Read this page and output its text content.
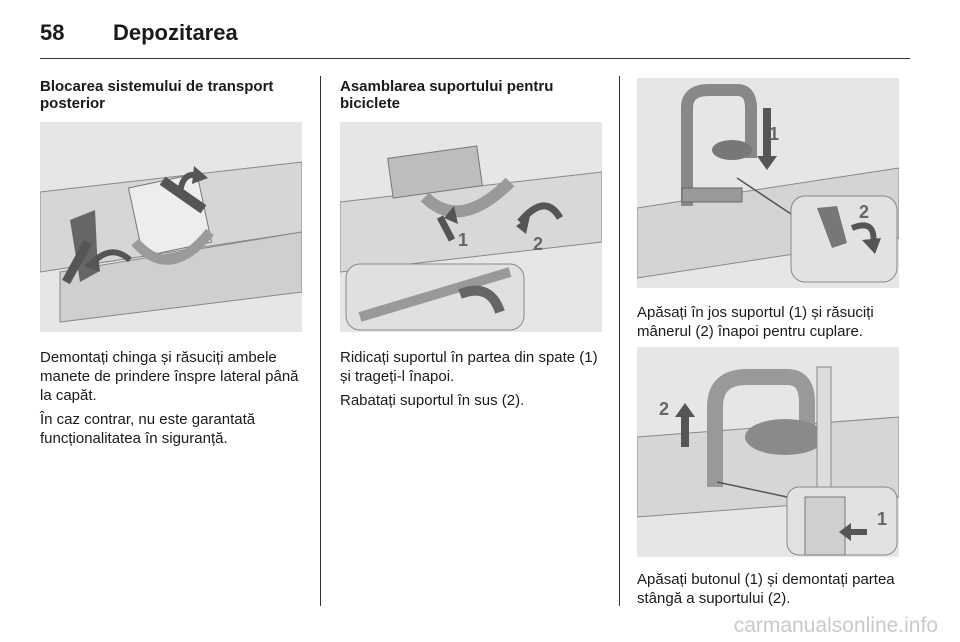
58 Depozitarea

Blocarea sistemului de transport posterior

Demontați chinga și răsuciți ambele manete de prindere înspre lateral până la capăt.

În caz contrar, nu este garantată funcționalitatea în siguranță.

Asamblarea suportului pentru biciclete

1	2

Ridicați suportul în partea din spate (1) și trageți-l înapoi.

Rabatați suportul în sus (2).

1
2

Apăsați în jos suportul (1) și răsuciți mânerul (2) înapoi pentru cuplare.

2
1

Apăsați butonul (1) și demontați partea stângă a suportului (2).

carmanualsonline.info
